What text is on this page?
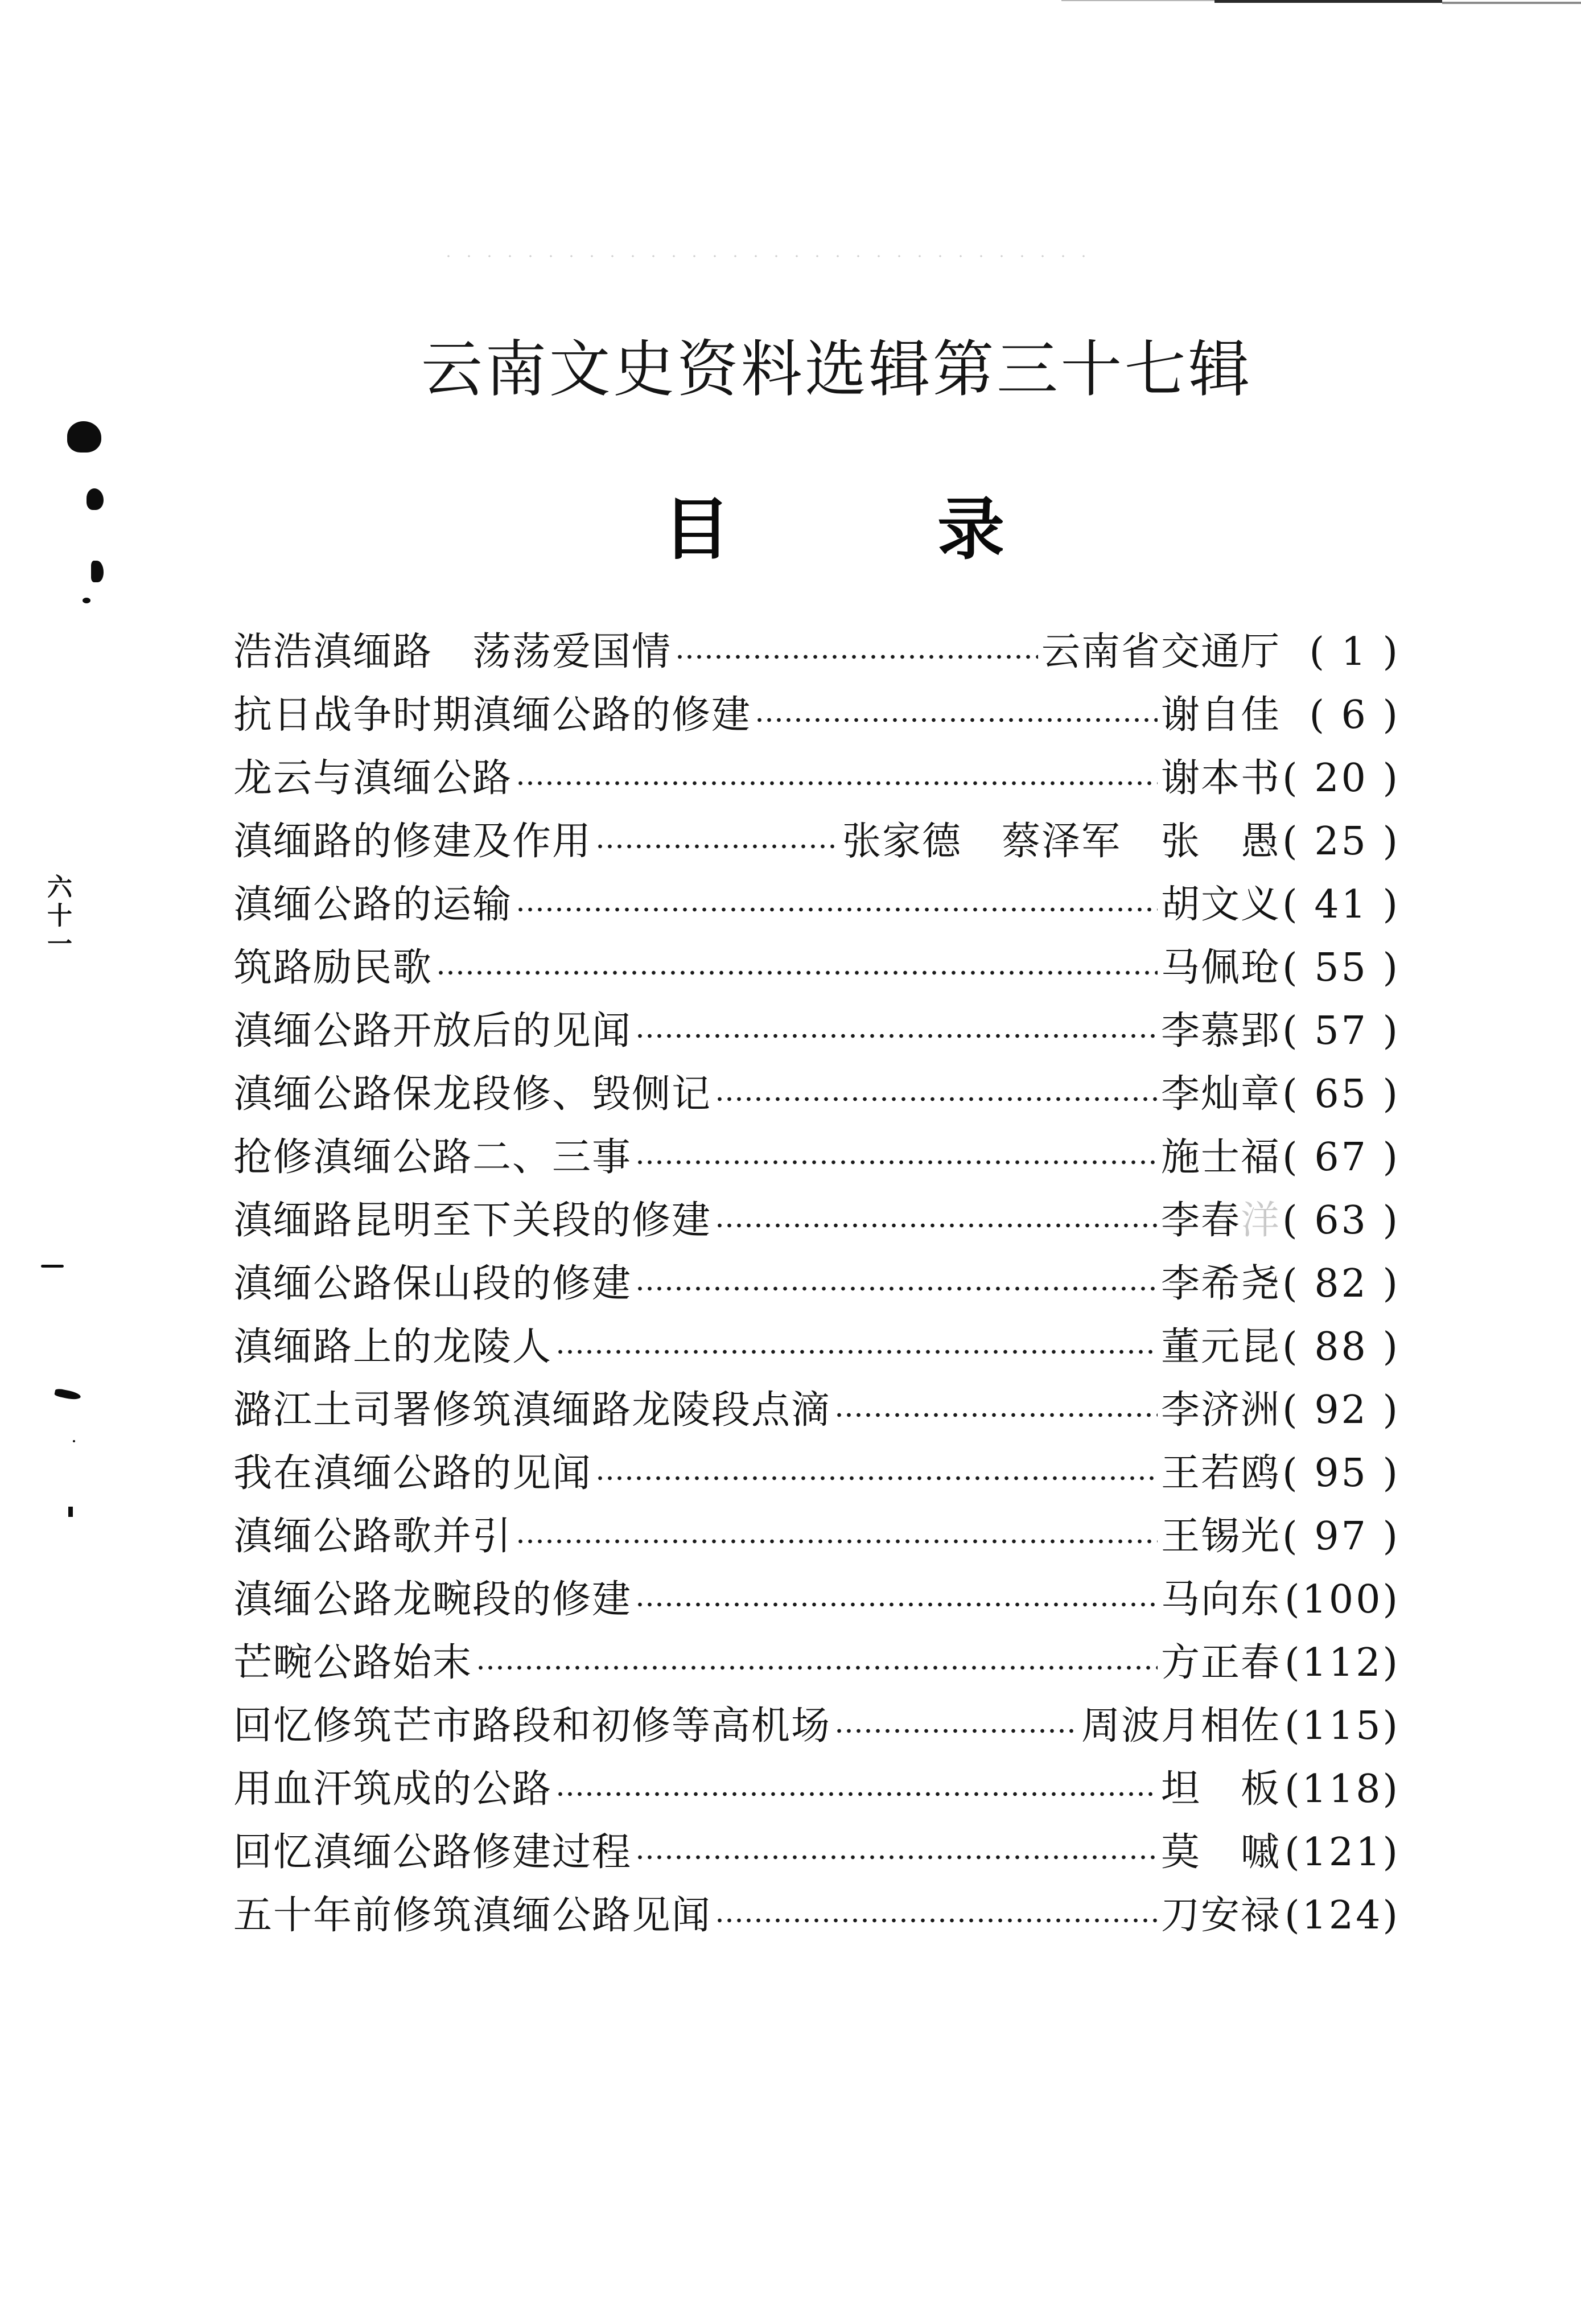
六十一
云南文史资料选辑第三十七辑
目	录
浩浩滇缅路　荡荡爱国情	云南省交通厅 ( 1 )
抗日战争时期滇缅公路的修建	谢自佳 ( 6 )
龙云与滇缅公路	谢本书 ( 20 )
滇缅路的修建及作用	张家德　蔡泽军　张　愚 ( 25 )
滇缅公路的运输	胡文义 ( 41 )
筑路励民歌	马佩玱 ( 55 )
滇缅公路开放后的见闻	李慕郢 ( 57 )
滇缅公路保龙段修、毁侧记	李灿章 ( 65 )
抢修滇缅公路二、三事	施士福 ( 67 )
滇缅路昆明至下关段的修建	李春洋 ( 63 )
滇缅公路保山段的修建	李希尧 ( 82 )
滇缅路上的龙陵人	董元昆 ( 88 )
潞江土司署修筑滇缅路龙陵段点滴	李济洲 ( 92 )
我在滇缅公路的见闻	王若鸥 ( 95 )
滇缅公路歌并引	王锡光 ( 97 )
滇缅公路龙畹段的修建	马向东 (100)
芒畹公路始末	方正春 (112)
回忆修筑芒市路段和初修等高机场	周波月相佐 (115)
用血汗筑成的公路	坦　板 (118)
回忆滇缅公路修建过程	莫　嘁 (121)
五十年前修筑滇缅公路见闻	刀安禄 (124)
